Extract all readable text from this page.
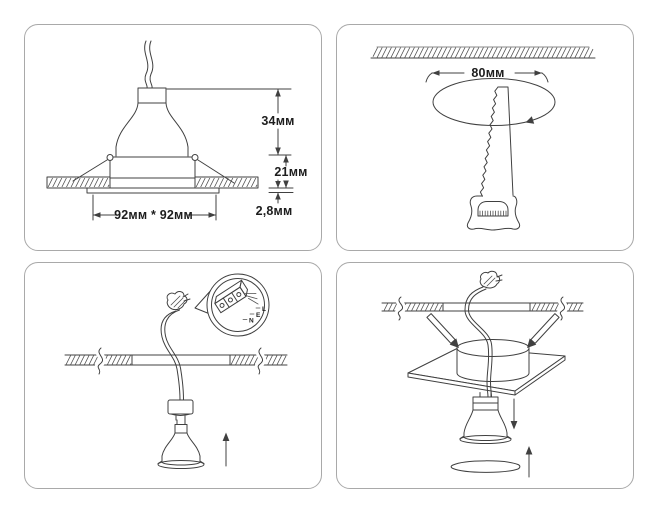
34мм
21мм
2,8мм
92мм * 92мм
80мм
L
E
N
